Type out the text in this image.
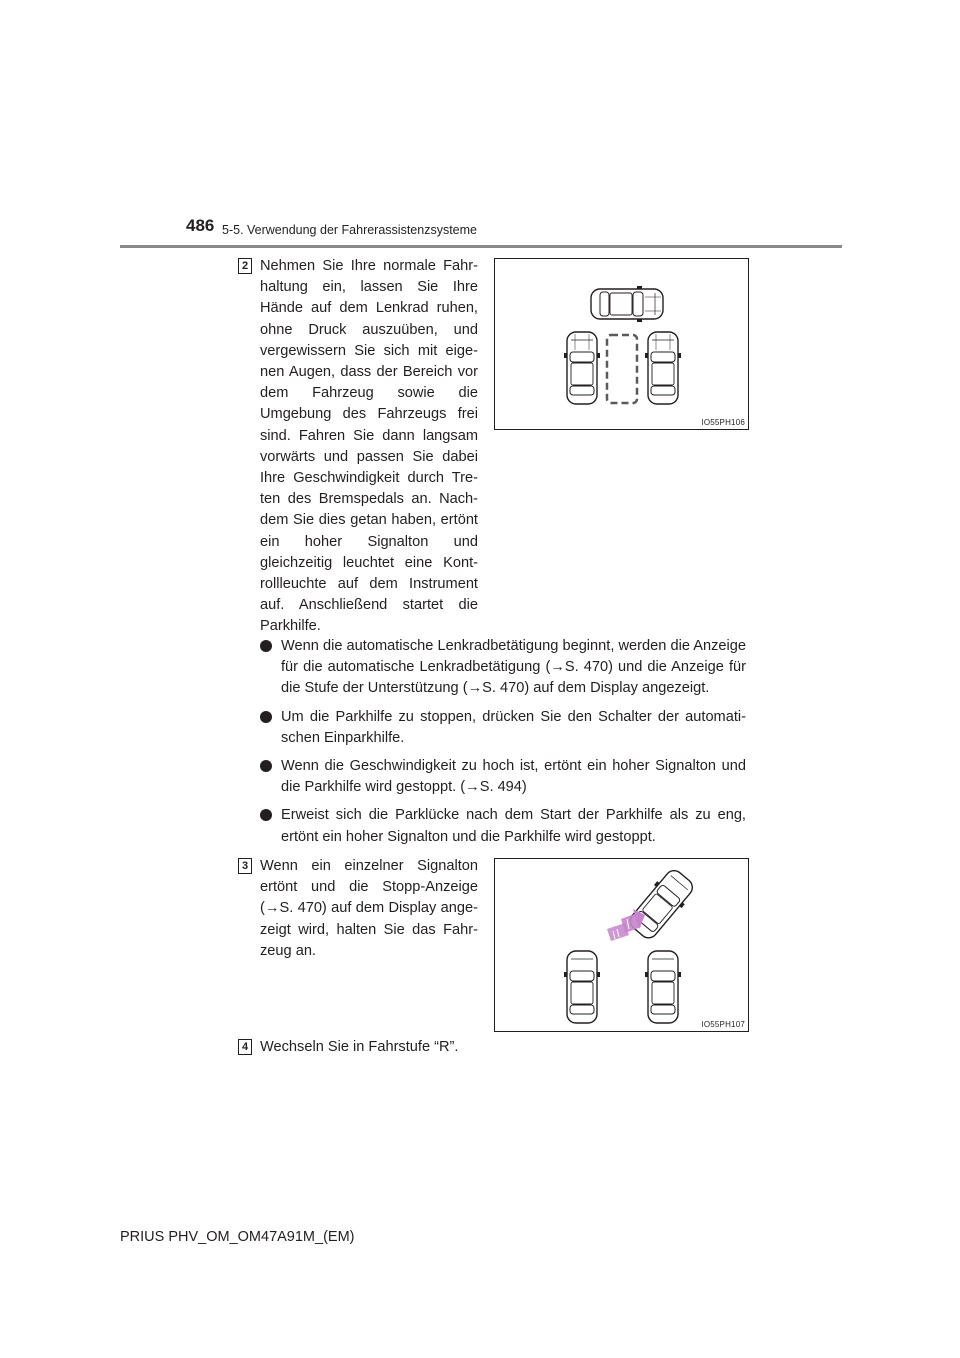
486 5-5. Verwendung der Fahrerassistenzsysteme
2 Nehmen Sie Ihre normale Fahr- haltung ein, lassen Sie Ihre Hände auf dem Lenkrad ruhen, ohne Druck auszuüben, und vergewissern Sie sich mit eige- nen Augen, dass der Bereich vor dem Fahrzeug sowie die Umgebung des Fahrzeugs frei sind. Fahren Sie dann langsam vorwärts und passen Sie dabei Ihre Geschwindigkeit durch Tre- ten des Bremspedals an. Nach- dem Sie dies getan haben, ertönt ein hoher Signalton und gleichzeitig leuchtet eine Kont- rollleuchte auf dem Instrument auf. Anschließend startet die Parkhilfe.

IO55PH106
Wenn die automatische Lenkradbetätigung beginnt, werden die Anzeige für die automatische Lenkradbetätigung (→S. 470) und die Anzeige für die Stufe der Unterstützung (→S. 470) auf dem Display angezeigt.
Um die Parkhilfe zu stoppen, drücken Sie den Schalter der automati- schen Einparkhilfe.
Wenn die Geschwindigkeit zu hoch ist, ertönt ein hoher Signalton und die Parkhilfe wird gestoppt. (→S. 494)
Erweist sich die Parklücke nach dem Start der Parkhilfe als zu eng, ertönt ein hoher Signalton und die Parkhilfe wird gestoppt.
3 Wenn ein einzelner Signalton ertönt und die Stopp-Anzeige (→S. 470) auf dem Display ange- zeigt wird, halten Sie das Fahr- zeug an.

IO55PH107
4 Wechseln Sie in Fahrstufe “R”.

PRIUS PHV_OM_OM47A91M_(EM)
